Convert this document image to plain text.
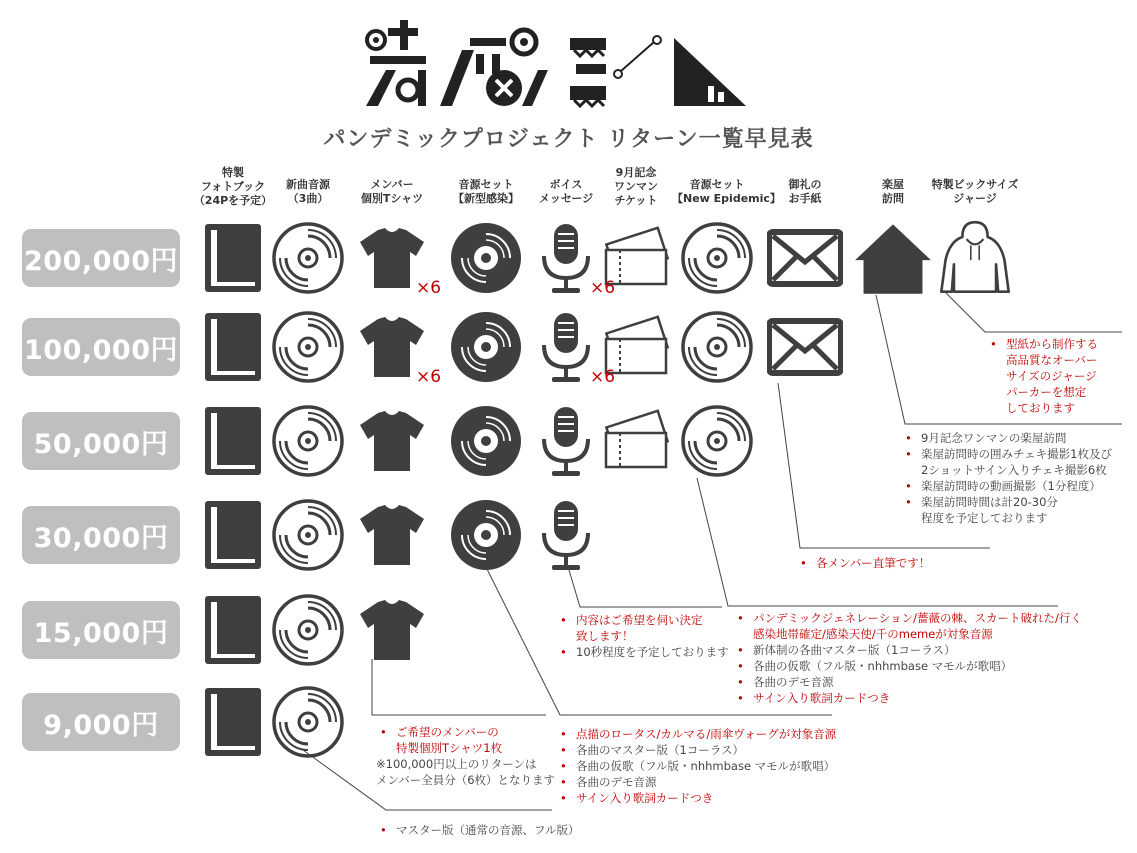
パンデミックプロジェクト リターン一覧早見表
特製
フォトブック
（24Pを予定）
新曲音源
（3曲）
メンバー
個別Tシャツ
音源セット
【新型感染】
ボイス
メッセージ
9月記念
ワンマン
チケット
音源セット
【New Epidemic】
御礼の
お手紙
楽屋
訪問
特製ビックサイズ
ジャージ
200,000円
×6	×6
100,000円
×6	×6
50,000円
30,000円
15,000円
9,000円
• 型紙から制作する
高品質なオーバー
サイズのジャージ
パーカーを想定
しております
• 9月記念ワンマンの楽屋訪問
• 楽屋訪問時の囲みチェキ撮影1枚及び
2ショットサイン入りチェキ撮影6枚
• 楽屋訪問時の動画撮影（1分程度）
• 楽屋訪問時間は計20-30分
程度を予定しております
• 各メンバー直筆です！
• パンデミックジェネレーション/薔薇の棘、スカート破れた/行く
感染地帯確定/感染天使/千のmemeが対象音源
• 新体制の各曲マスター版（1コーラス）
• 各曲の仮歌（フル版・nhhmbase マモルが歌唱）
• 各曲のデモ音源
• サイン入り歌詞カードつき
• 内容はご希望を伺い決定
致します！
• 10秒程度を予定しております
• ご希望のメンバーの
特製個別Tシャツ1枚
※100,000円以上のリターンは
メンバー全員分（6枚）となります
• 点描のロータス/カルマる/雨傘ヴォーグが対象音源
• 各曲のマスター版（1コーラス）
• 各曲の仮歌（フル版・nhhmbase マモルが歌唱）
• 各曲のデモ音源
• サイン入り歌詞カードつき
• マスター版（通常の音源、フル版）
